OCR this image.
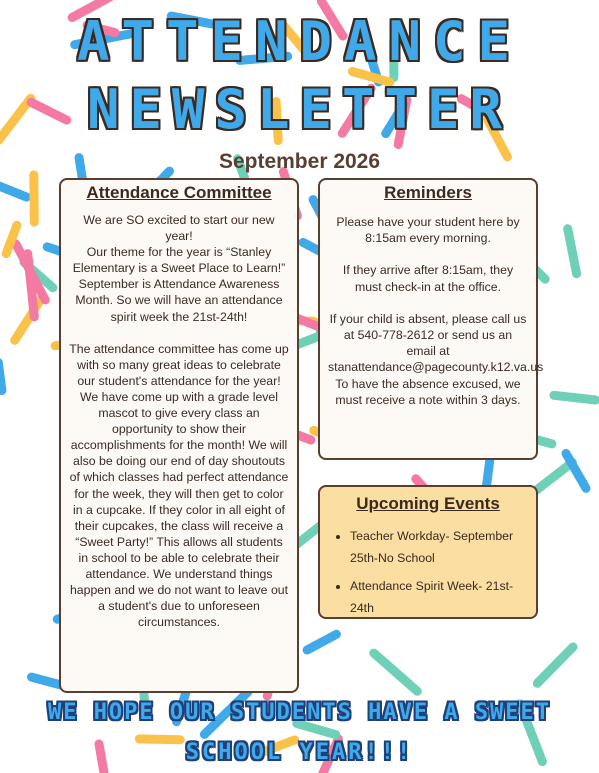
ATTENDANCE
NEWSLETTER
September 2026
Attendance Committee

We are SO excited to start our new year!

Our theme for the year is “Stanley Elementary is a Sweet Place to Learn!”

September is Attendance Awareness Month. So we will have an attendance spirit week the 21st-24th!

The attendance committee has come up with so many great ideas to celebrate our student's attendance for the year!

We have come up with a grade level mascot to give every class an opportunity to show their accomplishments for the month! We will also be doing our end of day shoutouts of which classes had perfect attendance for the week, they will then get to color in a cupcake. If they color in all eight of their cupcakes, the class will receive a “Sweet Party!” This allows all students in school to be able to celebrate their attendance. We understand things happen and we do not want to leave out a student's due to unforeseen circumstances.

Reminders

Please have your student here by 8:15am every morning.

If they arrive after 8:15am, they must check-in at the office.

If your child is absent, please call us at 540-778-2612 or send us an email at stanattendance@pagecounty.k12.va.us

To have the absence excused, we must receive a note within 3 days.

Upcoming Events
• Teacher Workday- September 25th-No School
• Attendance Spirit Week- 21st-24th
WE HOPE OUR STUDENTS HAVE A SWEET
SCHOOL YEAR!!!
